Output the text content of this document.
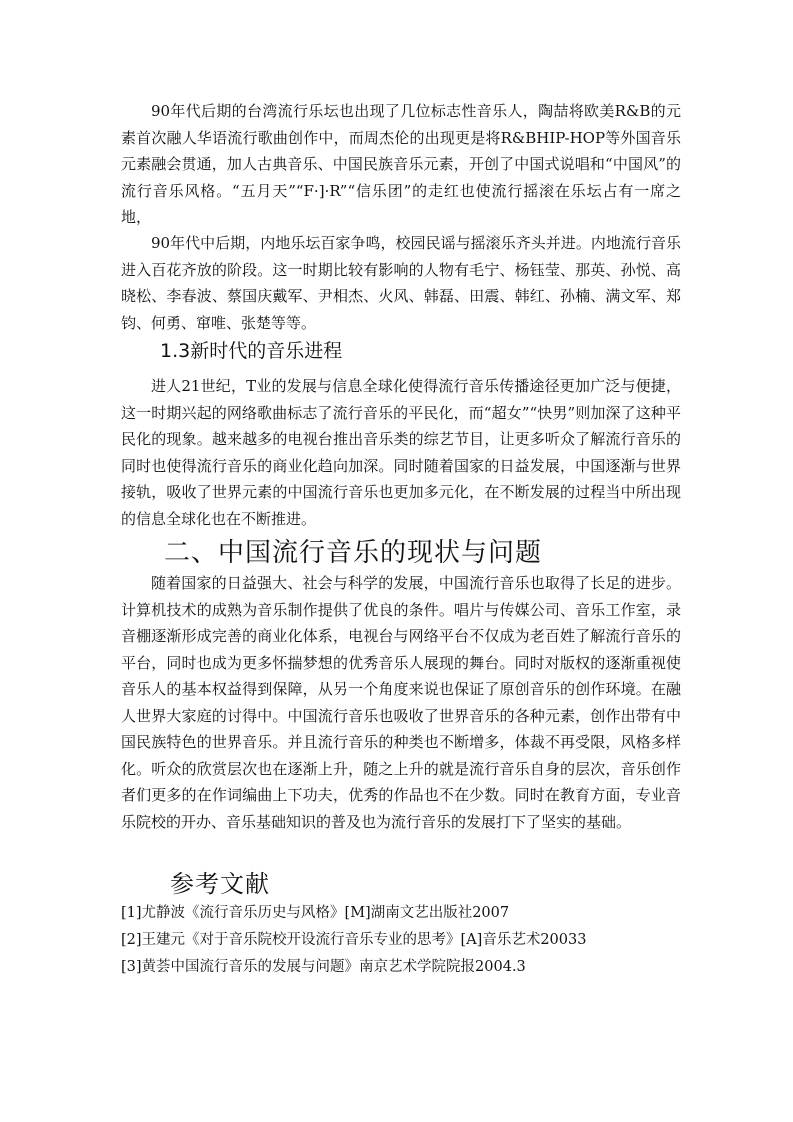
90年代后期的台湾流行乐坛也出现了几位标志性音乐人，陶喆将欧美R&B的元素首次融人华语流行歌曲创作中，而周杰伦的出现更是将R&BHIP-HOP等外国音乐元素融会贯通，加人古典音乐、中国民族音乐元素，开创了中国式说唱和“中国风”的流行音乐风格。“五月天”“F·]·R”“信乐团”的走红也使流行摇滚在乐坛占有一席之地，

90年代中后期，内地乐坛百家争鸣，校园民谣与摇滚乐齐头并进。内地流行音乐进入百花齐放的阶段。这一时期比较有影响的人物有毛宁、杨钰莹、那英、孙悦、高晓松、李春波、蔡国庆戴军、尹相杰、火风、韩磊、田震、韩红、孙楠、满文军、郑钧、何勇、窜唯、张楚等等。

1.3新时代的音乐进程

进人21世纪，T业的发展与信息全球化使得流行音乐传播途径更加广泛与便捷，这一时期兴起的网络歌曲标志了流行音乐的平民化，而“超女”“快男”则加深了这种平民化的现象。越来越多的电视台推出音乐类的综艺节目，让更多听众了解流行音乐的同时也使得流行音乐的商业化趋向加深。同时随着国家的日益发展，中国逐渐与世界接轨，吸收了世界元素的中国流行音乐也更加多元化，在不断发展的过程当中所出现的信息全球化也在不断推进。

二、中国流行音乐的现状与问题

随着国家的日益强大、社会与科学的发展，中国流行音乐也取得了长足的进步。计算机技术的成熟为音乐制作提供了优良的条件。唱片与传媒公司、音乐工作室，录音棚逐渐形成完善的商业化体系，电视台与网络平台不仅成为老百姓了解流行音乐的平台，同时也成为更多怀揣梦想的优秀音乐人展现的舞台。同时对版权的逐渐重视使音乐人的基本权益得到保障，从另一个角度来说也保证了原创音乐的创作环境。在融人世界大家庭的讨得中。中国流行音乐也吸收了世界音乐的各种元素，创作出带有中国民族特色的世界音乐。并且流行音乐的种类也不断增多，体裁不再受限，风格多样化。听众的欣赏层次也在逐渐上升，随之上升的就是流行音乐自身的层次，音乐创作者们更多的在作词编曲上下功夫，优秀的作品也不在少数。同时在教育方面，专业音乐院校的开办、音乐基础知识的普及也为流行音乐的发展打下了坚实的基础。

参考文献
[1]尤静波《流行音乐历史与风格》[M]湖南文艺出版社2007
[2]王建元《对于音乐院校开设流行音乐专业的思考》[A]音乐艺术20033
[3]黄荟中国流行音乐的发展与问题》南京艺术学院院报2004.3
